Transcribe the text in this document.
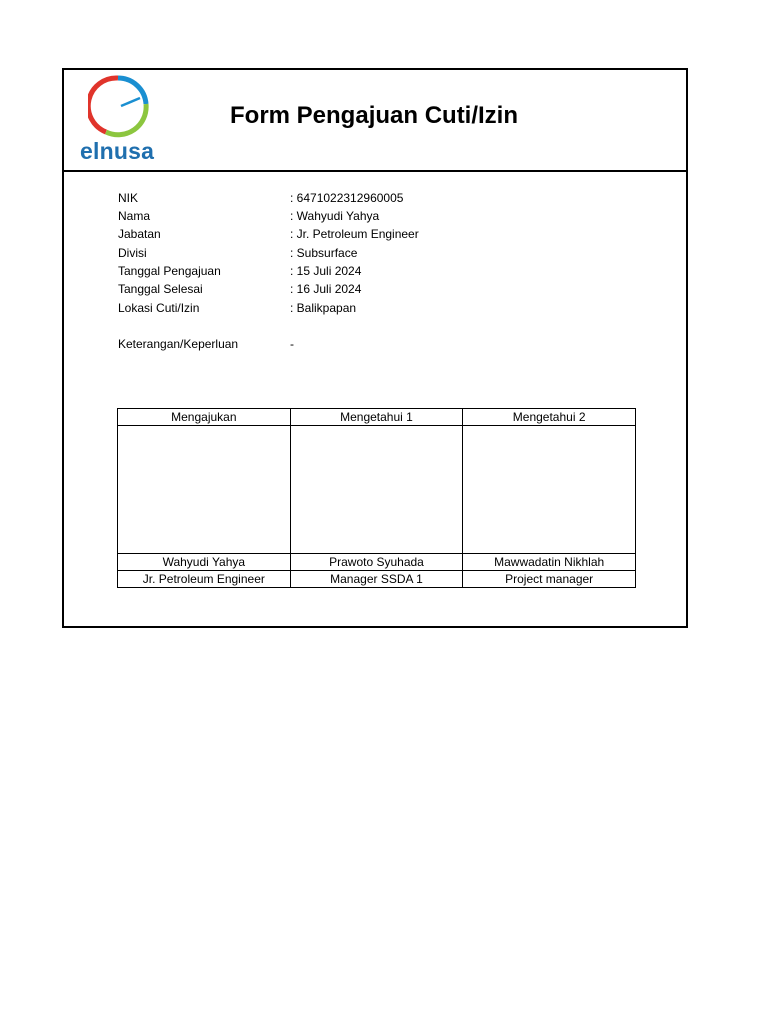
elnusa
Form Pengajuan Cuti/Izin
NIK	: 6471022312960005
Nama	: Wahyudi Yahya
Jabatan	: Jr. Petroleum Engineer
Divisi	: Subsurface
Tanggal Pengajuan	: 15 Juli 2024
Tanggal Selesai	: 16 Juli 2024
Lokasi Cuti/Izin	: Balikpapan
Keterangan/Keperluan	-
Mengajukan	Mengetahui 1	Mengetahui 2

Wahyudi Yahya	Prawoto Syuhada	Mawwadatin Nikhlah
Jr. Petroleum Engineer	Manager SSDA 1	Project manager
